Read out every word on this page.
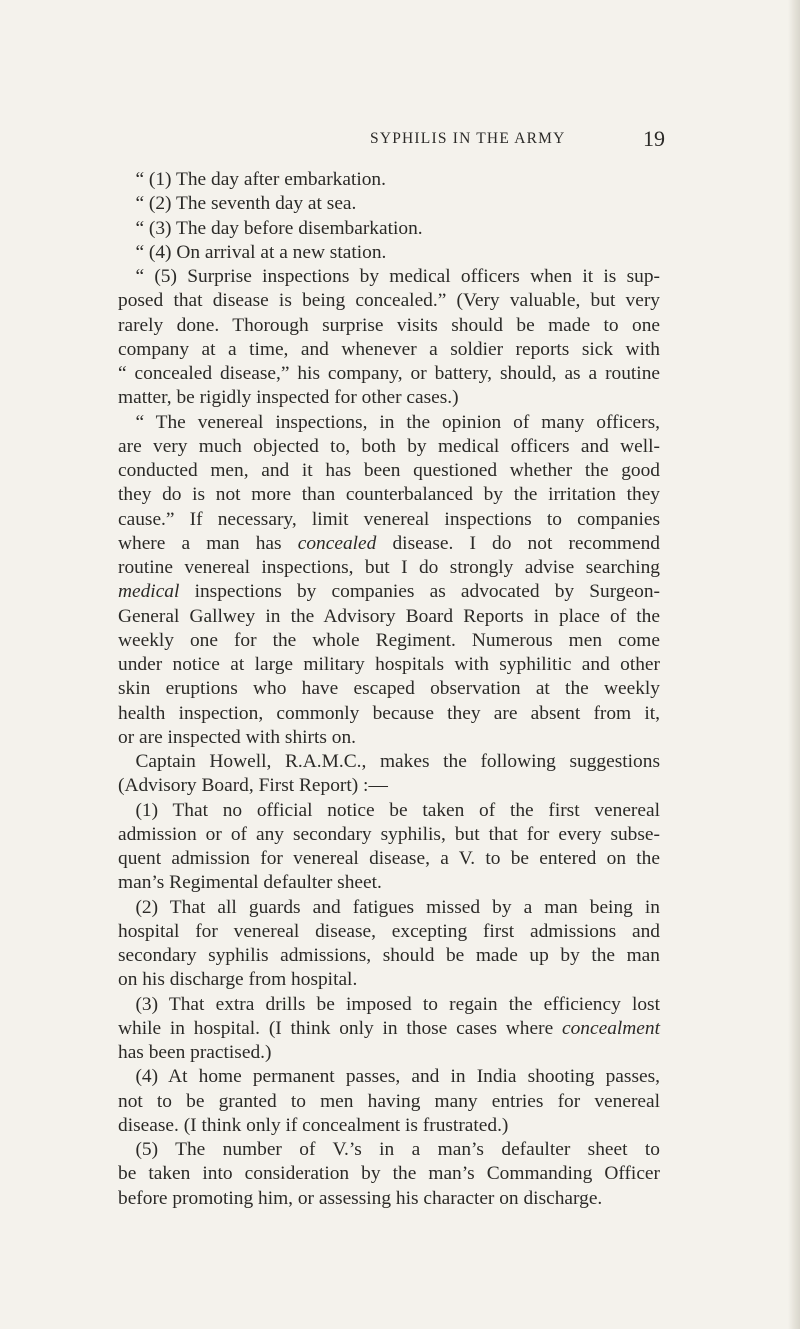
SYPHILIS IN THE ARMY	19

“ (1) The day after embarkation.

“ (2) The seventh day at sea.

“ (3) The day before disembarkation.

“ (4) On arrival at a new station.

“ (5) Surprise inspections by medical officers when it is sup-
posed that disease is being concealed.” (Very valuable, but very
rarely done. Thorough surprise visits should be made to one
company at a time, and whenever a soldier reports sick with
“ concealed disease,” his company, or battery, should, as a routine
matter, be rigidly inspected for other cases.)

“ The venereal inspections, in the opinion of many officers,
are very much objected to, both by medical officers and well-
conducted men, and it has been questioned whether the good
they do is not more than counterbalanced by the irritation they
cause.” If necessary, limit venereal inspections to companies
where a man has concealed disease. I do not recommend
routine venereal inspections, but I do strongly advise searching
medical inspections by companies as advocated by Surgeon-
General Gallwey in the Advisory Board Reports in place of the
weekly one for the whole Regiment. Numerous men come
under notice at large military hospitals with syphilitic and other
skin eruptions who have escaped observation at the weekly
health inspection, commonly because they are absent from it,
or are inspected with shirts on.

Captain Howell, R.A.M.C., makes the following suggestions
(Advisory Board, First Report) :—

(1) That no official notice be taken of the first venereal
admission or of any secondary syphilis, but that for every subse-
quent admission for venereal disease, a V. to be entered on the
man’s Regimental defaulter sheet.

(2) That all guards and fatigues missed by a man being in
hospital for venereal disease, excepting first admissions and
secondary syphilis admissions, should be made up by the man
on his discharge from hospital.

(3) That extra drills be imposed to regain the efficiency lost
while in hospital. (I think only in those cases where concealment
has been practised.)

(4) At home permanent passes, and in India shooting passes,
not to be granted to men having many entries for venereal
disease. (I think only if concealment is frustrated.)

(5) The number of V.’s in a man’s defaulter sheet to
be taken into consideration by the man’s Commanding Officer
before promoting him, or assessing his character on discharge.
